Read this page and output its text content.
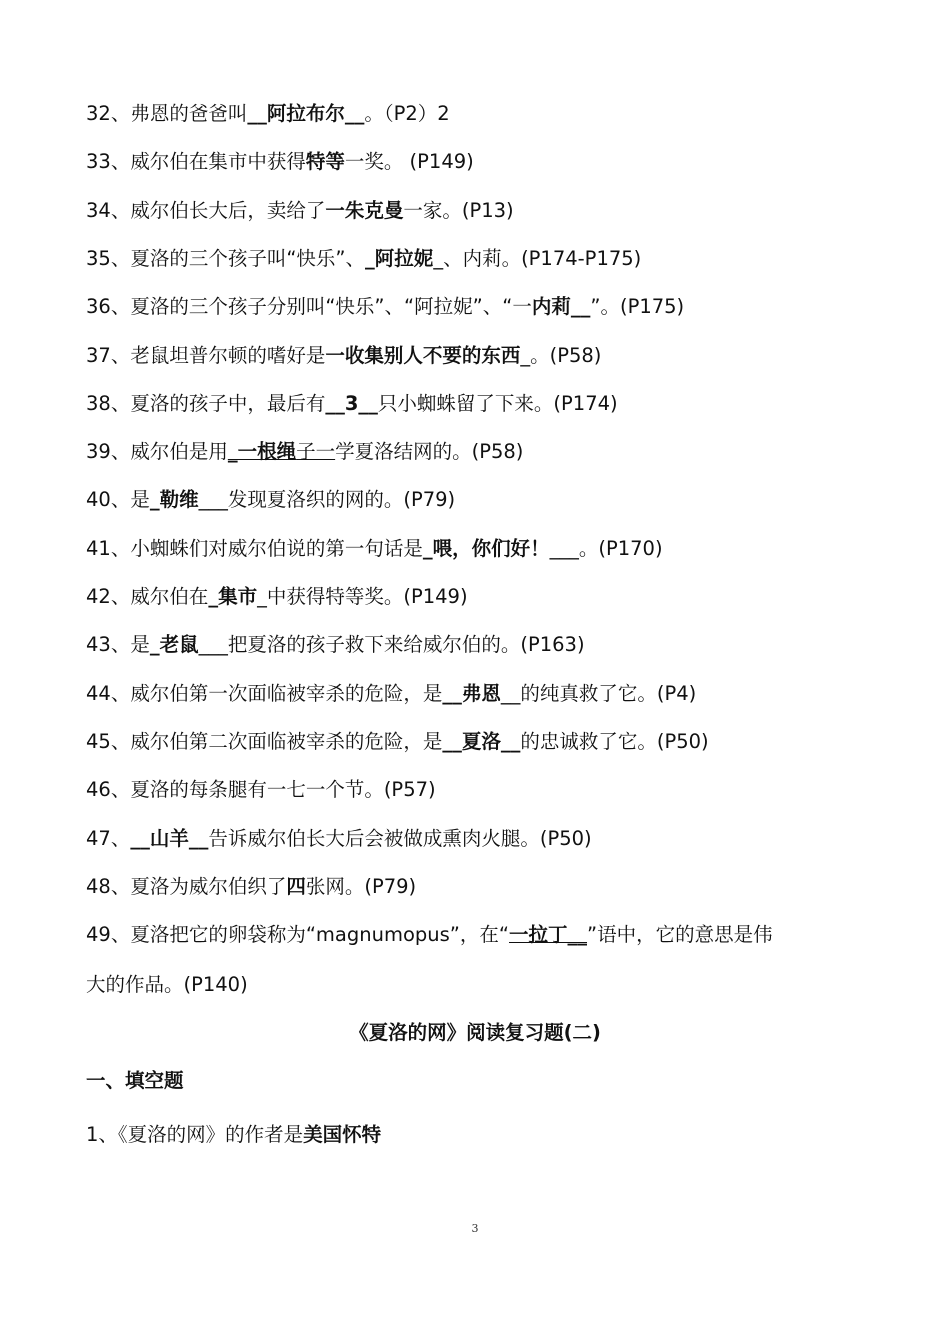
32、弗恩的爸爸叫__阿拉布尔__。（P2）2
33、威尔伯在集市中获得特等一奖。 (P149)
34、威尔伯长大后，卖给了一朱克曼一家。(P13)
35、夏洛的三个孩子叫“快乐”、_阿拉妮_、内莉。(P174-P175)
36、夏洛的三个孩子分别叫“快乐”、“阿拉妮”、“一内莉__”。(P175)
37、老鼠坦普尔顿的嗜好是一收集别人不要的东西_。(P58)
38、夏洛的孩子中，最后有__3__只小蜘蛛留了下来。(P174)
39、威尔伯是用_一根绳子一学夏洛结网的。(P58)
40、是_勒维___发现夏洛织的网的。(P79)
41、小蜘蛛们对威尔伯说的第一句话是_喂，你们好！___。(P170)
42、威尔伯在_集市_中获得特等奖。(P149)
43、是_老鼠___把夏洛的孩子救下来给威尔伯的。(P163)
44、威尔伯第一次面临被宰杀的危险，是__弗恩__的纯真救了它。(P4)
45、威尔伯第二次面临被宰杀的危险，是__夏洛__的忠诚救了它。(P50)
46、夏洛的每条腿有一七一个节。(P57)
47、__山羊__告诉威尔伯长大后会被做成熏肉火腿。(P50)
48、夏洛为威尔伯织了四张网。(P79)
49、夏洛把它的卵袋称为“magnumopus”，在“一拉丁__”语中，它的意思是伟
大的作品。(P140)
《夏洛的网》阅读复习题(二)
一、填空题
1、《夏洛的网》的作者是美国怀特
3
